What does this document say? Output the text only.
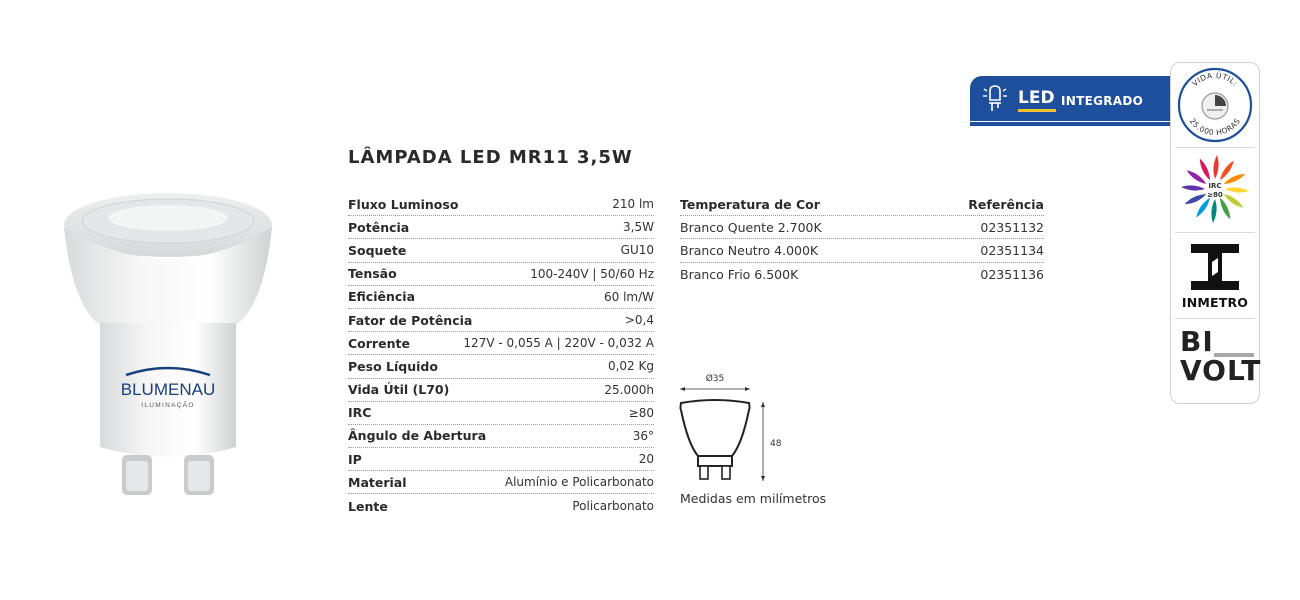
BLUMENAU
ILUMINAÇÃO
LÂMPADA LED MR11 3,5W
Fluxo Luminoso	210 lm
Potência	3,5W
Soquete	GU10
Tensão	100-240V | 50/60 Hz
Eficiência	60 lm/W
Fator de Potência	>0,4
Corrente	127V - 0,055 A | 220V - 0,032 A
Peso Líquido	0,02 Kg
Vida Útil (L70)	25.000h
IRC	≥80
Ângulo de Abertura	36°
IP	20
Material	Alumínio e Policarbonato
Lente	Policarbonato
Temperatura de Cor	Referência
Branco Quente 2.700K	02351132
Branco Neutro 4.000K	02351134
Branco Frio 6.500K	02351136
Ø35
48
Medidas em milímetros
LED INTEGRADO
VIDA ÚTIL:
25.000 HORAS
IRC
≥80
INMETRO
BI
VOLT
